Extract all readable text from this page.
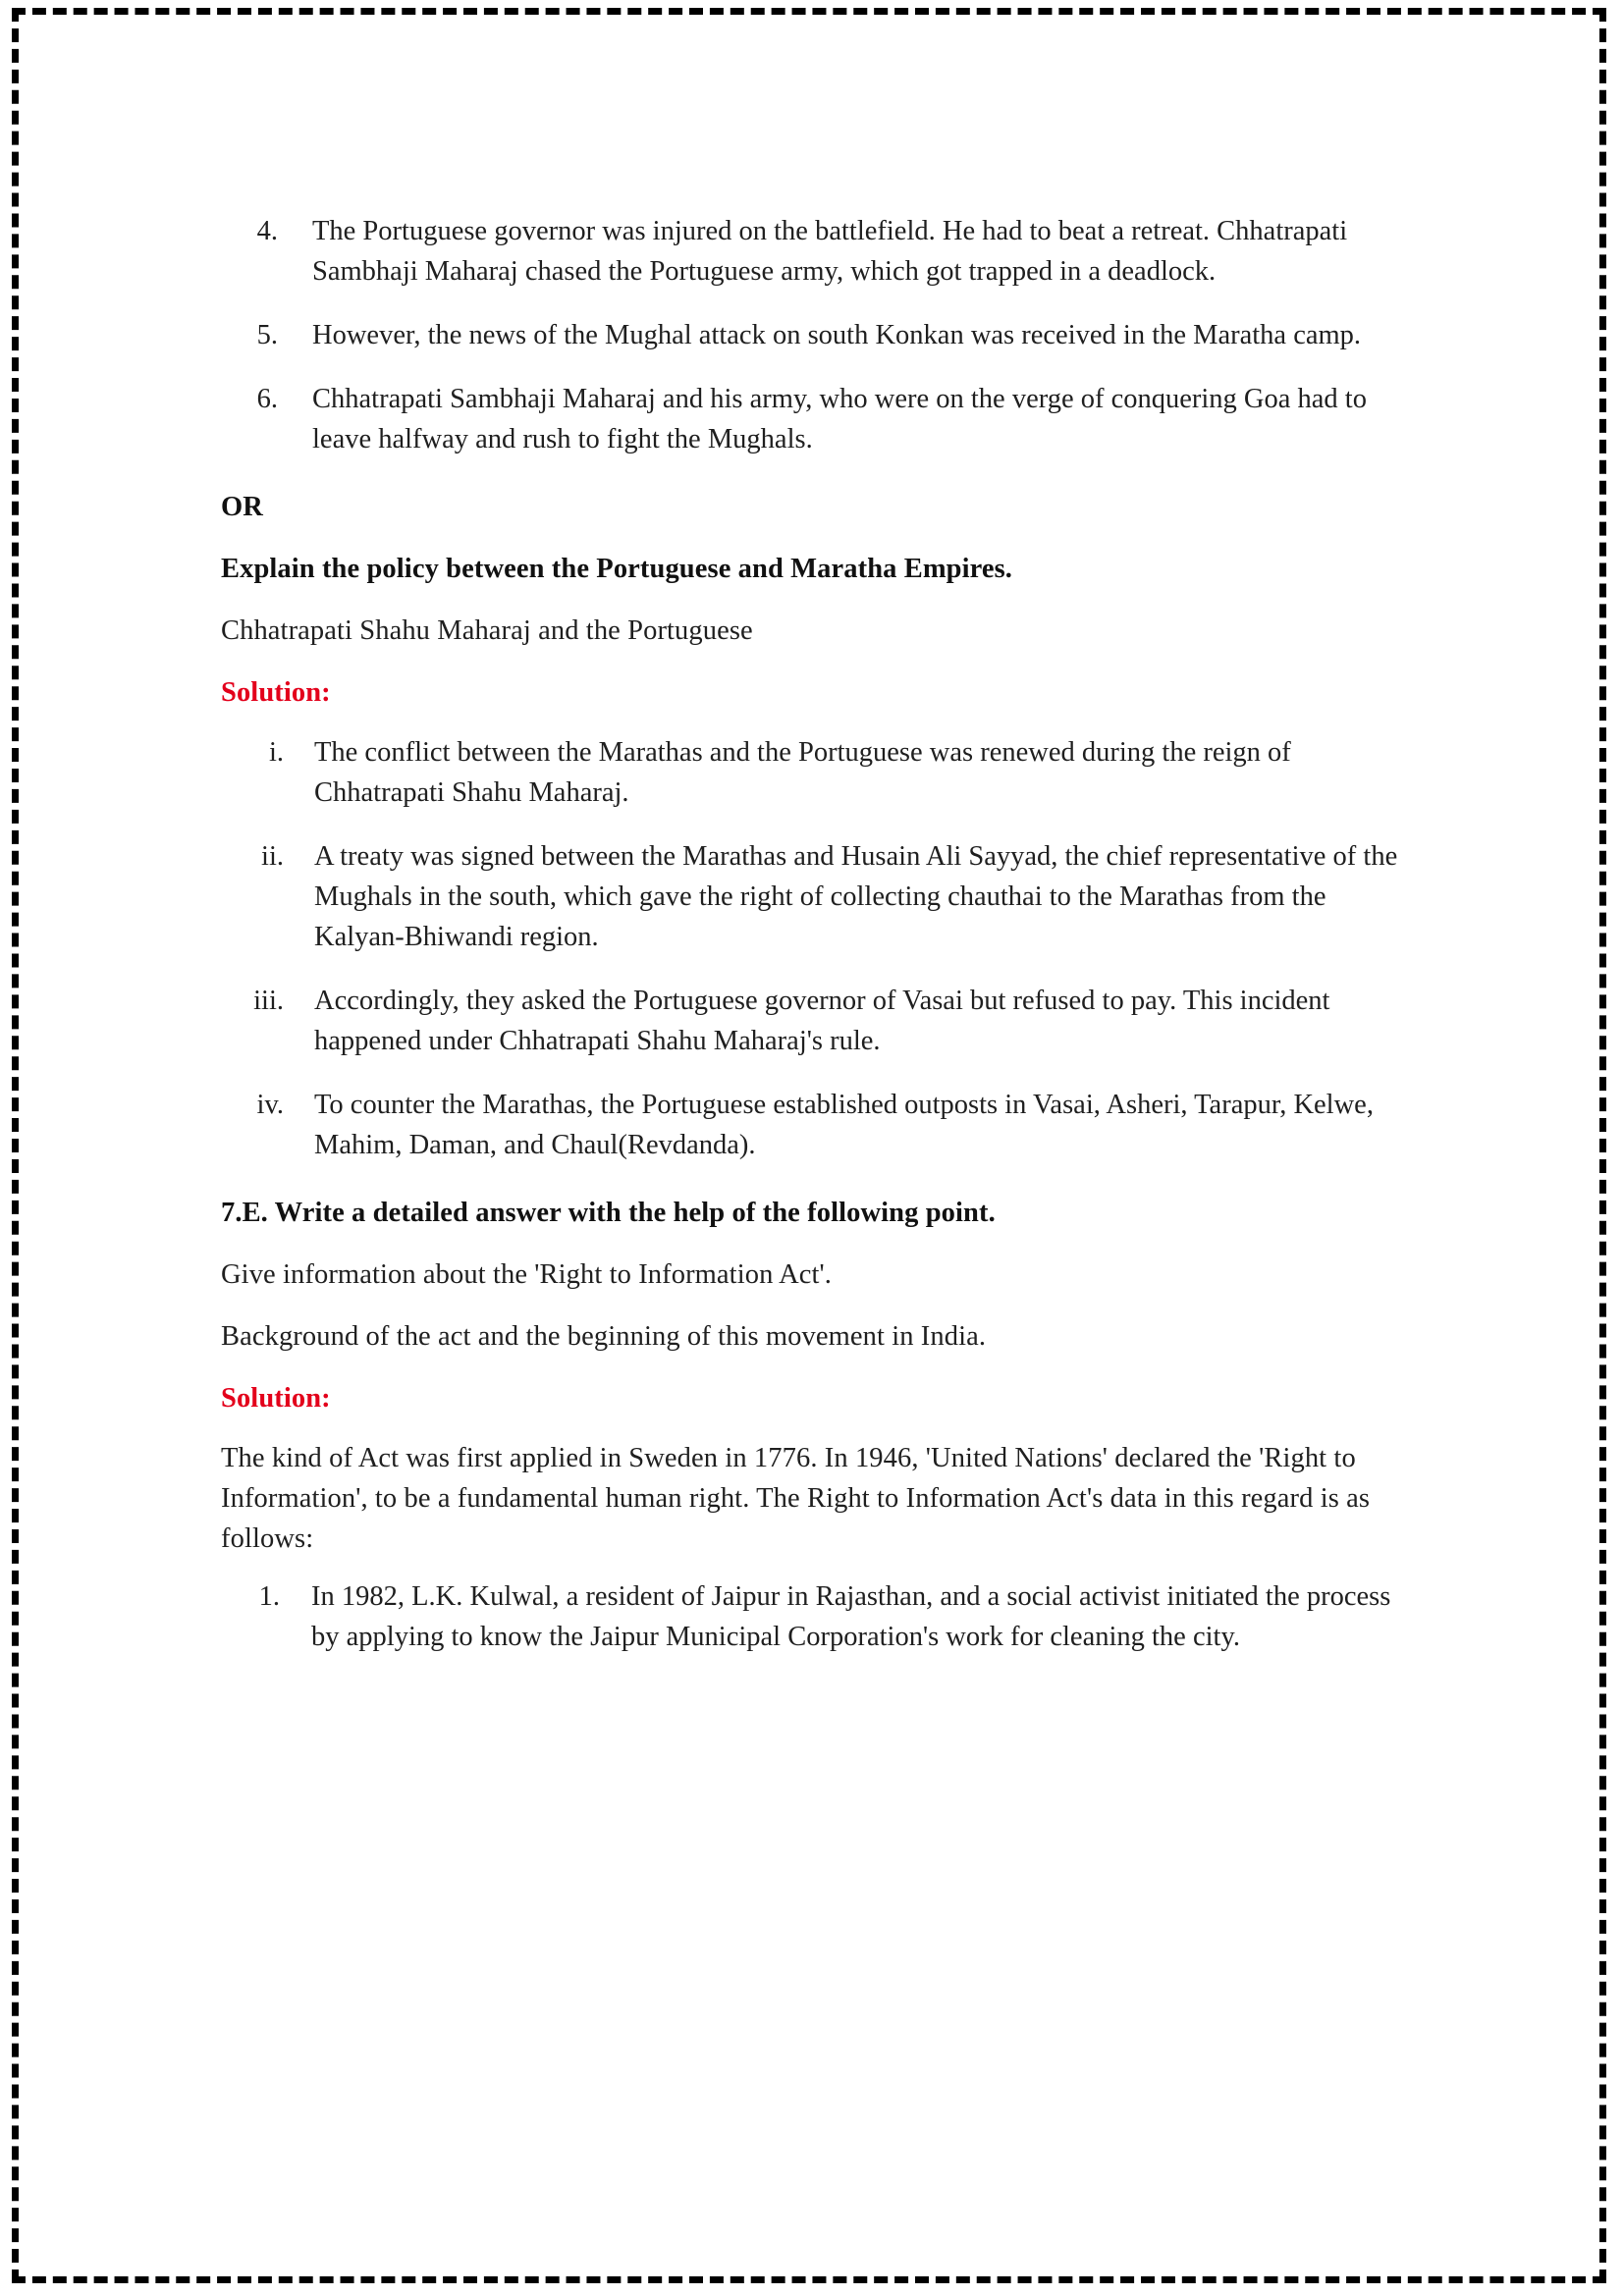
4. The Portuguese governor was injured on the battlefield. He had to beat a retreat. Chhatrapati Sambhaji Maharaj chased the Portuguese army, which got trapped in a deadlock.
5. However, the news of the Mughal attack on south Konkan was received in the Maratha camp.
6. Chhatrapati Sambhaji Maharaj and his army, who were on the verge of conquering Goa had to leave halfway and rush to fight the Mughals.

OR

Explain the policy between the Portuguese and Maratha Empires.

Chhatrapati Shahu Maharaj and the Portuguese

Solution:

i. The conflict between the Marathas and the Portuguese was renewed during the reign of Chhatrapati Shahu Maharaj.
ii. A treaty was signed between the Marathas and Husain Ali Sayyad, the chief representative of the Mughals in the south, which gave the right of collecting chauthai to the Marathas from the Kalyan-Bhiwandi region.
iii. Accordingly, they asked the Portuguese governor of Vasai but refused to pay. This incident happened under Chhatrapati Shahu Maharaj's rule.
iv. To counter the Marathas, the Portuguese established outposts in Vasai, Asheri, Tarapur, Kelwe, Mahim, Daman, and Chaul(Revdanda).

7.E. Write a detailed answer with the help of the following point.

Give information about the 'Right to Information Act'.

Background of the act and the beginning of this movement in India.

Solution:

The kind of Act was first applied in Sweden in 1776. In 1946, 'United Nations' declared the 'Right to Information', to be a fundamental human right. The Right to Information Act's data in this regard is as follows:

1. In 1982, L.K. Kulwal, a resident of Jaipur in Rajasthan, and a social activist initiated the process by applying to know the Jaipur Municipal Corporation's work for cleaning the city.
